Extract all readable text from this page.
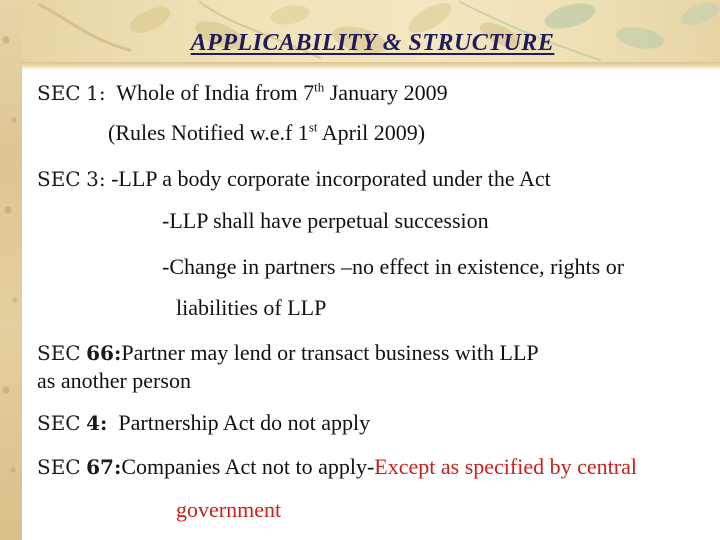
APPLICABILITY & STRUCTURE
SEC 1: Whole of India from 7th January 2009
(Rules Notified w.e.f 1st April 2009)
SEC 3: -LLP a body corporate incorporated under the Act
-LLP shall have perpetual succession
-Change in partners –no effect in existence, rights or
liabilities of LLP
SEC 66:Partner may lend or transact business with LLP
as another person
SEC 4: Partnership Act do not apply
SEC 67:Companies Act not to apply-Except as specified by central
government
